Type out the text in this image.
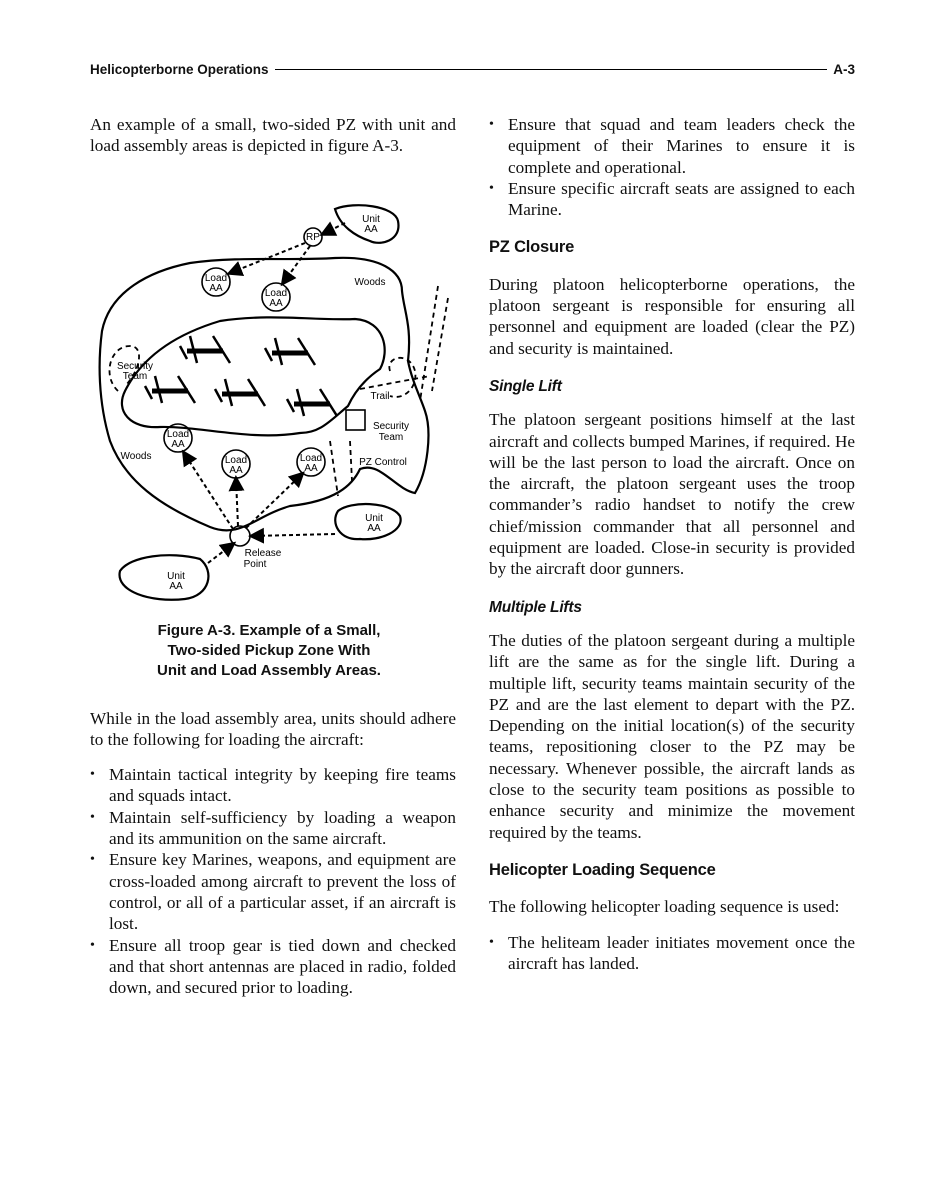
Helicopterborne Operations	A-3

An example of a small, two-sided PZ with unit and load assembly areas is depicted in figure A-3.

Unit
AA
RP
Load
AA	Load
AA
Load
AA
Load
AA
Load
AA
Woods
Woods
Security
Team
Security
Team
Trail
PZ Control
Unit
AA
Unit
AA
Release
Point
Figure A-3. Example of a Small,
Two-sided Pickup Zone With
Unit and Load Assembly Areas.

While in the load assembly area, units should adhere to the following for loading the aircraft:

• Maintain tactical integrity by keeping fire teams and squads intact.
• Maintain self-sufficiency by loading a weapon and its ammunition on the same aircraft.
• Ensure key Marines, weapons, and equipment are cross-loaded among aircraft to prevent the loss of control, or all of a particular asset, if an aircraft is lost.
• Ensure all troop gear is tied down and checked and that short antennas are placed in radio, folded down, and secured prior to loading.
• Ensure that squad and team leaders check the equipment of their Marines to ensure it is complete and operational.
• Ensure specific aircraft seats are assigned to each Marine.
PZ Closure

During platoon helicopterborne operations, the platoon sergeant is responsible for ensuring all personnel and equipment are loaded (clear the PZ) and security is maintained.

Single Lift

The platoon sergeant positions himself at the last aircraft and collects bumped Marines, if required. He will be the last person to load the aircraft. Once on the aircraft, the platoon sergeant uses the troop commander’s radio handset to notify the crew chief/mission commander that all personnel and equipment are loaded. Close-in security is provided by the aircraft door gunners.

Multiple Lifts

The duties of the platoon sergeant during a multiple lift are the same as for the single lift. During a multiple lift, security teams maintain security of the PZ and are the last element to depart with the PZ. Depending on the initial location(s) of the security teams, repositioning closer to the PZ may be necessary. Whenever possible, the aircraft lands as close to the security team positions as possible to enhance security and minimize the movement required by the teams.

Helicopter Loading Sequence

The following helicopter loading sequence is used:

• The heliteam leader initiates movement once the aircraft has landed.
